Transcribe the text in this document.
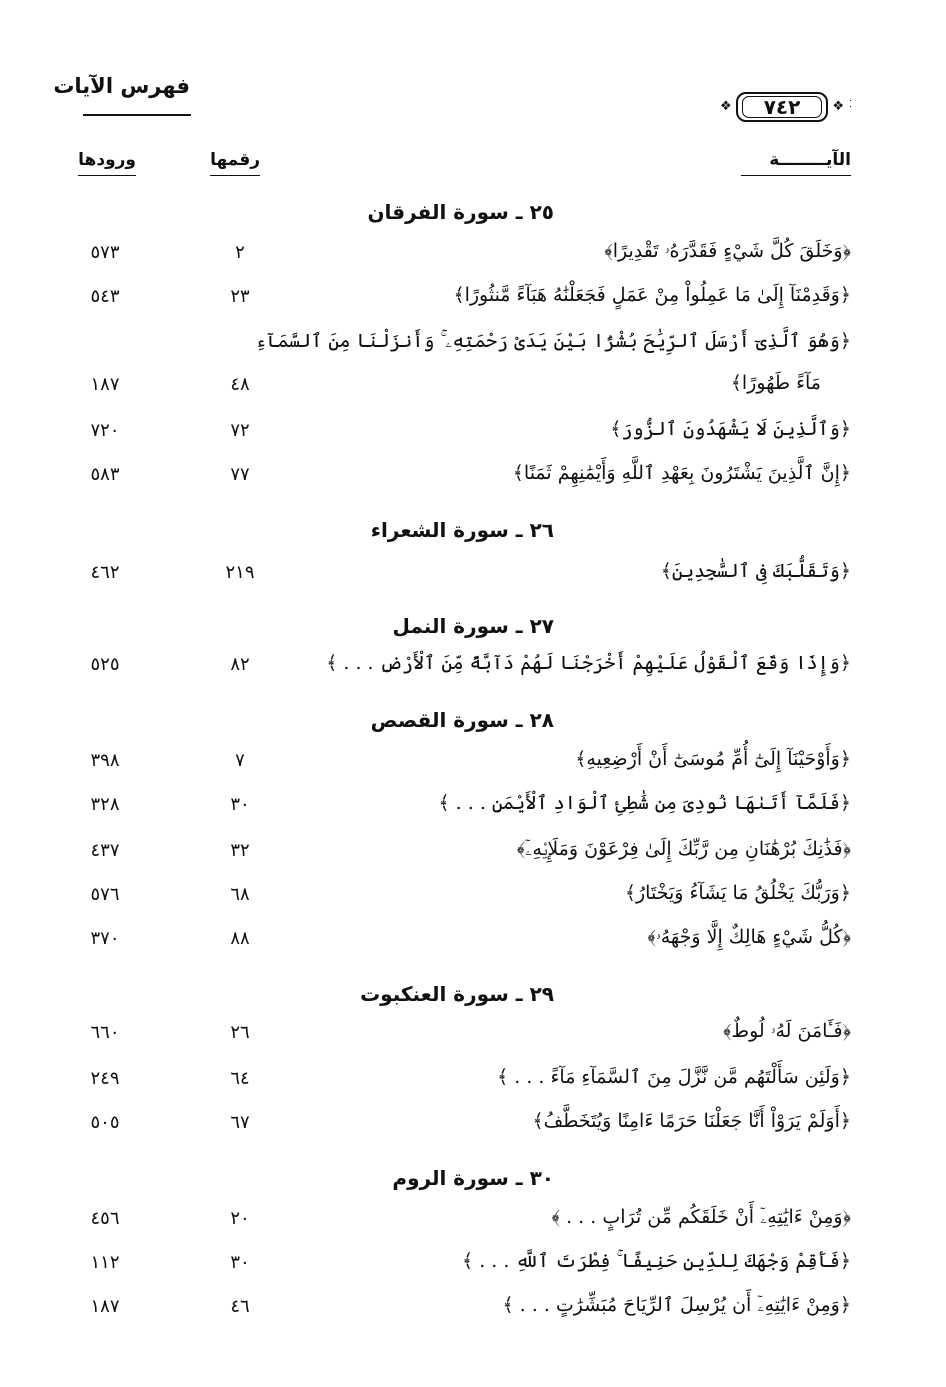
فهرس الآيات
❖	٧٤٢	❖
الآيــــــــة
رقمها
ورودها
٢٥ ـ سورة الفرقان
﴿وَخَلَقَ كُلَّ شَيْءٍ فَقَدَّرَهُۥ تَقْدِيرًا﴾
٢
٥٧٣
﴿وَقَدِمْنَآ إِلَىٰ مَا عَمِلُواْ مِنْ عَمَلٍ فَجَعَلْنَٰهُ هَبَآءً مَّنثُورًا﴾
٢٣
٥٤٣
﴿وَهُوَ ٱلَّذِىٓ أَرْسَلَ ٱلرِّيَٰحَ بُشْرًۢا بَيْنَ يَدَىْ رَحْمَتِهِۦ ۚ وَأَنزَلْنَا مِنَ ٱلسَّمَآءِ
مَآءً طَهُورًا﴾
٤٨
١٨٧
﴿وَٱلَّذِينَ لَا يَشْهَدُونَ ٱلزُّورَ﴾
٧٢
٧٢٠
﴿إِنَّ ٱلَّذِينَ يَشْتَرُونَ بِعَهْدِ ٱللَّهِ وَأَيْمَٰنِهِمْ ثَمَنًا﴾
٧٧
٥٨٣
٢٦ ـ سورة الشعراء
﴿وَتَقَلُّبَكَ فِى ٱلسَّٰجِدِينَ﴾
٢١٩
٤٦٢
٢٧ ـ سورة النمل
﴿وَإِذَا وَقَعَ ٱلْقَوْلُ عَلَيْهِمْ أَخْرَجْنَا لَهُمْ دَآبَّةً مِّنَ ٱلْأَرْضِ . . . ﴾
٨٢
٥٢٥
٢٨ ـ سورة القصص
﴿وَأَوْحَيْنَآ إِلَىٰٓ أُمِّ مُوسَىٰٓ أَنْ أَرْضِعِيهِ﴾
٧
٣٩٨
﴿فَلَمَّآ أَتَىٰهَا نُودِىَ مِن شَٰطِئِ ٱلْوَادِ ٱلْأَيْمَنِ . . . ﴾
٣٠
٣٢٨
﴿فَذَٰنِكَ بُرْهَٰنَانِ مِن رَّبِّكَ إِلَىٰ فِرْعَوْنَ وَمَلَإِي۟هِۦٓ﴾
٣٢
٤٣٧
﴿وَرَبُّكَ يَخْلُقُ مَا يَشَآءُ وَيَخْتَارُ﴾
٦٨
٥٧٦
﴿كُلُّ شَيْءٍ هَالِكٌ إِلَّا وَجْهَهُۥ﴾
٨٨
٣٧٠
٢٩ ـ سورة العنكبوت
﴿فَـَٔامَنَ لَهُۥ لُوطٌ﴾
٢٦
٦٦٠
﴿وَلَئِن سَأَلْتَهُم مَّن نَّزَّلَ مِنَ ٱلسَّمَآءِ مَآءً . . . ﴾
٦٤
٢٤٩
﴿أَوَلَمْ يَرَوْاْ أَنَّا جَعَلْنَا حَرَمًا ءَامِنًا وَيُتَخَطَّفُ﴾
٦٧
٥٠٥
٣٠ ـ سورة الروم
﴿وَمِنْ ءَايَٰتِهِۦٓ أَنْ خَلَقَكُم مِّن تُرَابٍ . . . ﴾
٢٠
٤٥٦
﴿فَأَقِمْ وَجْهَكَ لِلدِّينِ حَنِيفًا ۚ فِطْرَتَ ٱللَّهِ . . . ﴾
٣٠
١١٢
﴿وَمِنْ ءَايَٰتِهِۦٓ أَن يُرْسِلَ ٱلرِّيَاحَ مُبَشِّرَٰتٍ . . . ﴾
٤٦
١٨٧
